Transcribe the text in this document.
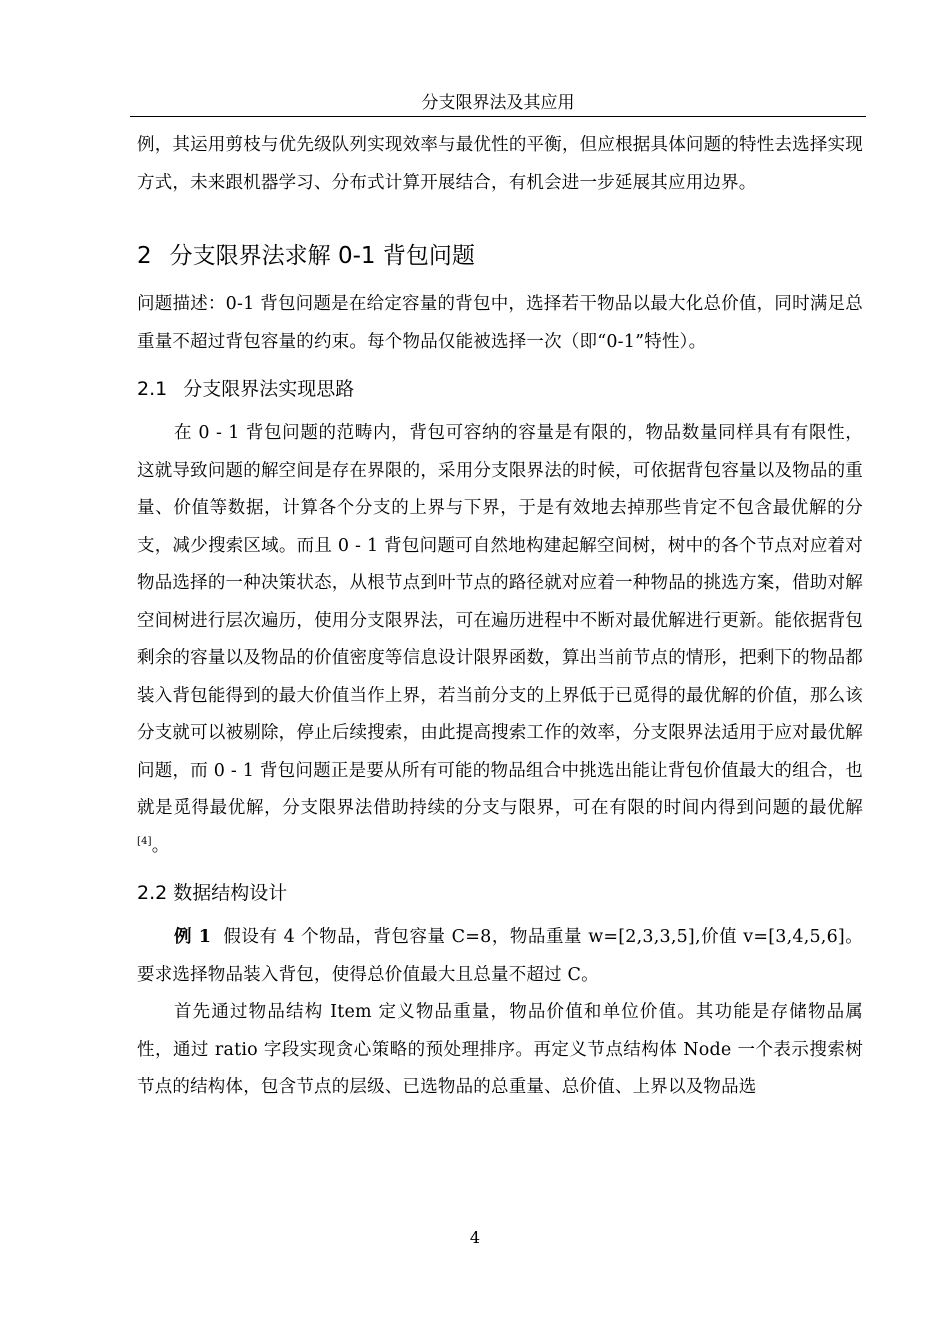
分支限界法及其应用

例，其运用剪枝与优先级队列实现效率与最优性的平衡，但应根据具体问题的特性去选择实现方式，未来跟机器学习、分布式计算开展结合，有机会进一步延展其应用边界。

2 分支限界法求解 0-1 背包问题

问题描述：0-1 背包问题是在给定容量的背包中，选择若干物品以最大化总价值，同时满足总重量不超过背包容量的约束。每个物品仅能被选择一次（即“0-1”特性）。

2.1 分支限界法实现思路

在 0 - 1 背包问题的范畴内，背包可容纳的容量是有限的，物品数量同样具有有限性，这就导致问题的解空间是存在界限的，采用分支限界法的时候，可依据背包容量以及物品的重量、价值等数据，计算各个分支的上界与下界，于是有效地去掉那些肯定不包含最优解的分支，减少搜索区域。而且 0 - 1 背包问题可自然地构建起解空间树，树中的各个节点对应着对物品选择的一种决策状态，从根节点到叶节点的路径就对应着一种物品的挑选方案，借助对解空间树进行层次遍历，使用分支限界法，可在遍历进程中不断对最优解进行更新。能依据背包剩余的容量以及物品的价值密度等信息设计限界函数，算出当前节点的情形，把剩下的物品都装入背包能得到的最大价值当作上界，若当前分支的上界低于已觅得的最优解的价值，那么该分支就可以被剔除，停止后续搜索，由此提高搜索工作的效率，分支限界法适用于应对最优解问题，而 0 - 1 背包问题正是要从所有可能的物品组合中挑选出能让背包价值最大的组合，也就是觅得最优解，分支限界法借助持续的分支与限界，可在有限的时间内得到问题的最优解[4]。

2.2 数据结构设计

例 1 假设有 4 个物品，背包容量 C=8，物品重量 w=[2,3,3,5],价值 v=[3,4,5,6]。要求选择物品装入背包，使得总价值最大且总量不超过 C。

首先通过物品结构 Item 定义物品重量，物品价值和单位价值。其功能是存储物品属性，通过 ratio 字段实现贪心策略的预处理排序。再定义节点结构体 Node 一个表示搜索树节点的结构体，包含节点的层级、已选物品的总重量、总价值、上界以及物品选

4
